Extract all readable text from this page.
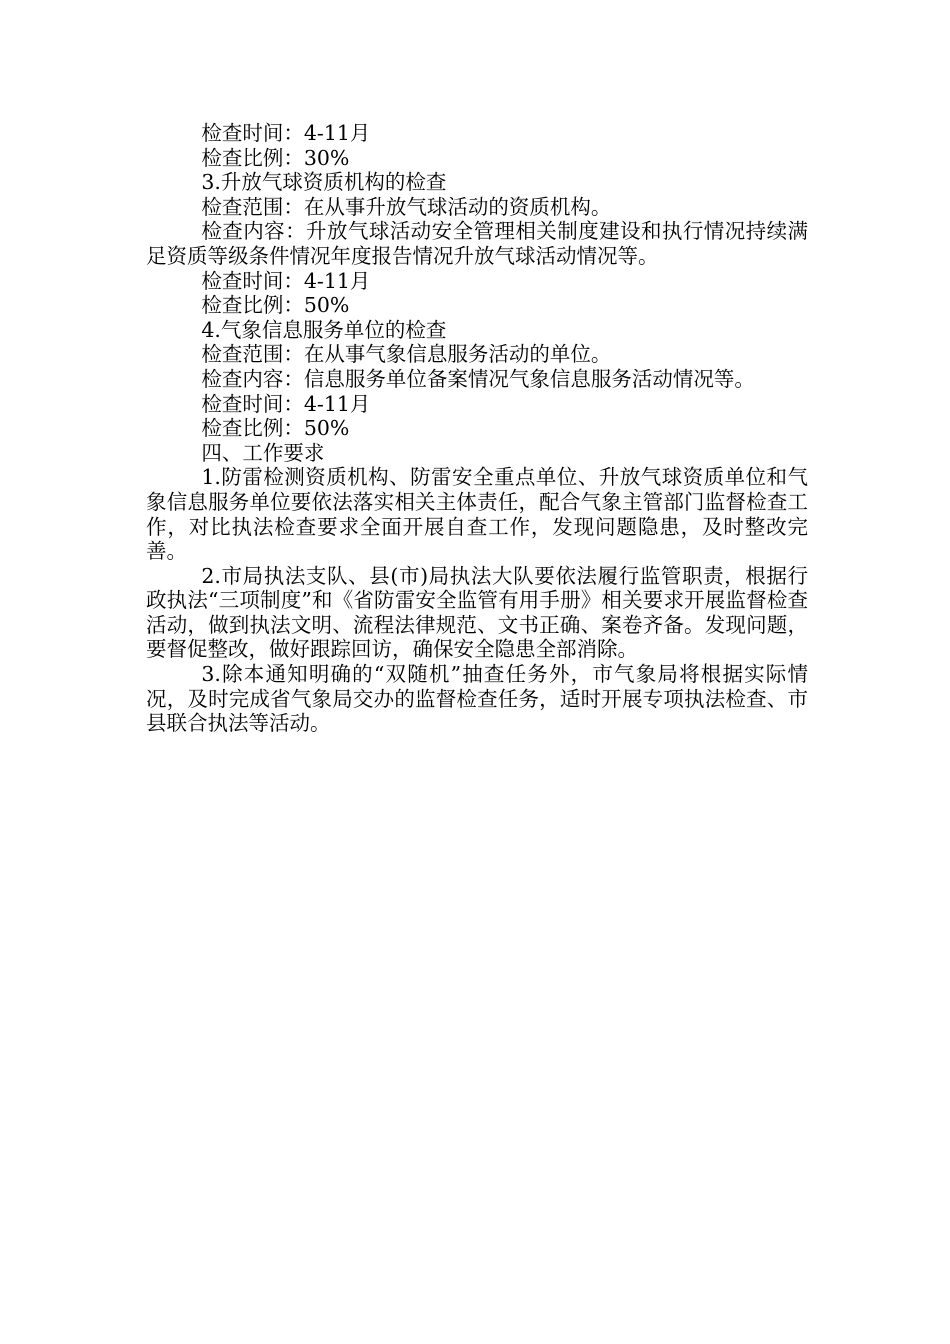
检查时间：4-11月

检查比例：30%

3.升放气球资质机构的检查

检查范围：在从事升放气球活动的资质机构。

检查内容：升放气球活动安全管理相关制度建设和执行情况持续满足资质等级条件情况年度报告情况升放气球活动情况等。

检查时间：4-11月

检查比例：50%

4.气象信息服务单位的检查

检查范围：在从事气象信息服务活动的单位。

检查内容：信息服务单位备案情况气象信息服务活动情况等。

检查时间：4-11月

检查比例：50%

四、工作要求

1.防雷检测资质机构、防雷安全重点单位、升放气球资质单位和气象信息服务单位要依法落实相关主体责任，配合气象主管部门监督检查工作，对比执法检查要求全面开展自查工作，发现问题隐患，及时整改完善。

2.市局执法支队、县(市)局执法大队要依法履行监管职责，根据行政执法“三项制度”和《省防雷安全监管有用手册》相关要求开展监督检查活动，做到执法文明、流程法律规范、文书正确、案卷齐备。发现问题，要督促整改，做好跟踪回访，确保安全隐患全部消除。

3.除本通知明确的“双随机”抽查任务外，市气象局将根据实际情况，及时完成省气象局交办的监督检查任务，适时开展专项执法检查、市县联合执法等活动。
